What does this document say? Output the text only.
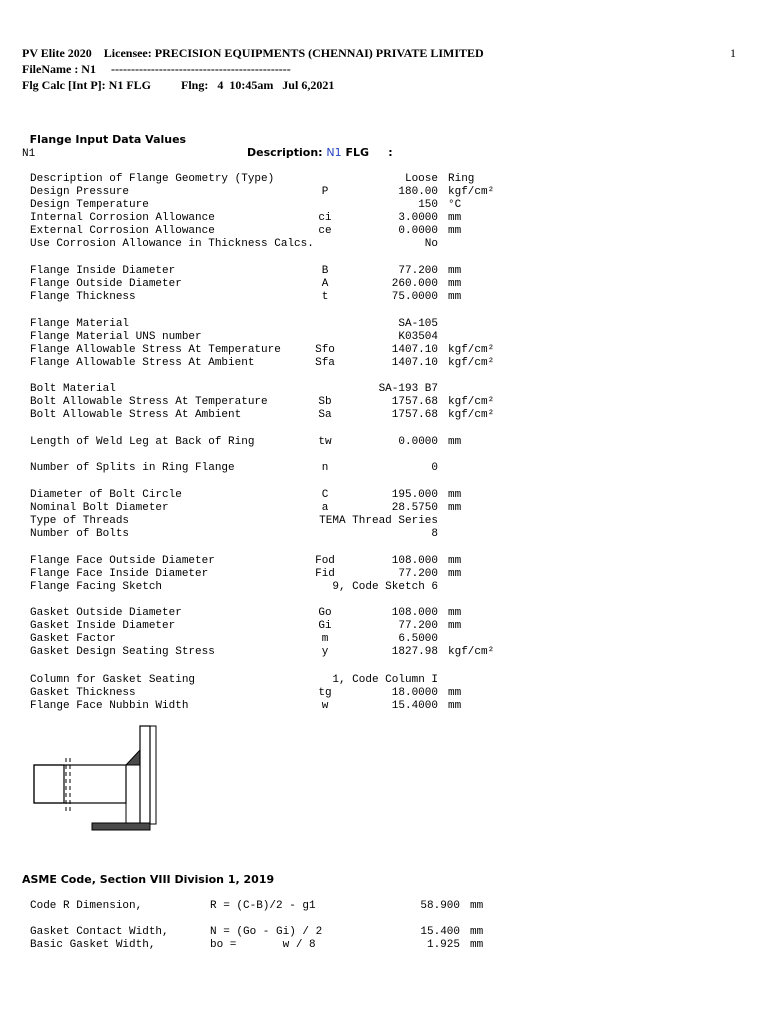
PV Elite 2020    Licensee: PRECISION EQUIPMENTS (CHENNAI) PRIVATE LIMITED	1
FileName : N1     ---------------------------------------------
Flg Calc [Int P]: N1 FLG          Flng:   4  10:45am   Jul 6,2021

Flange Input Data Values

Description: N1 FLG :

N1
Description of Flange Geometry (Type)	Loose Ring
Design Pressure	P	180.00 kgf/cm²
Design Temperature	150 °C
Internal Corrosion Allowance	ci	3.0000 mm
External Corrosion Allowance	ce	0.0000 mm
Use Corrosion Allowance in Thickness Calcs.	No
Flange Inside Diameter	B	77.200 mm
Flange Outside Diameter	A	260.000 mm
Flange Thickness	t	75.0000 mm
Flange Material	SA-105
Flange Material UNS number	K03504
Flange Allowable Stress At Temperature	Sfo	1407.10 kgf/cm²
Flange Allowable Stress At Ambient	Sfa	1407.10 kgf/cm²
Bolt Material	SA-193 B7
Bolt Allowable Stress At Temperature	Sb	1757.68 kgf/cm²
Bolt Allowable Stress At Ambient	Sa	1757.68 kgf/cm²
Length of Weld Leg at Back of Ring	tw	0.0000 mm
Number of Splits in Ring Flange	n	0
Diameter of Bolt Circle	C	195.000 mm
Nominal Bolt Diameter	a	28.5750 mm
Type of Threads	TEMA Thread Series
Number of Bolts	8
Flange Face Outside Diameter	Fod	108.000 mm
Flange Face Inside Diameter	Fid	77.200 mm
Flange Facing Sketch	9, Code Sketch 6
Gasket Outside Diameter	Go	108.000 mm
Gasket Inside Diameter	Gi	77.200 mm
Gasket Factor	m	6.5000
Gasket Design Seating Stress	y	1827.98 kgf/cm²
Column for Gasket Seating	1, Code Column I
Gasket Thickness	tg	18.0000 mm
Flange Face Nubbin Width	w	15.4000 mm
ASME Code, Section VIII Division 1, 2019
Code R Dimension,	R = (C-B)/2 - g1	58.900 mm
Gasket Contact Width,	N = (Go - Gi) / 2	15.400 mm
Basic Gasket Width,	bo =       w / 8	1.925 mm
